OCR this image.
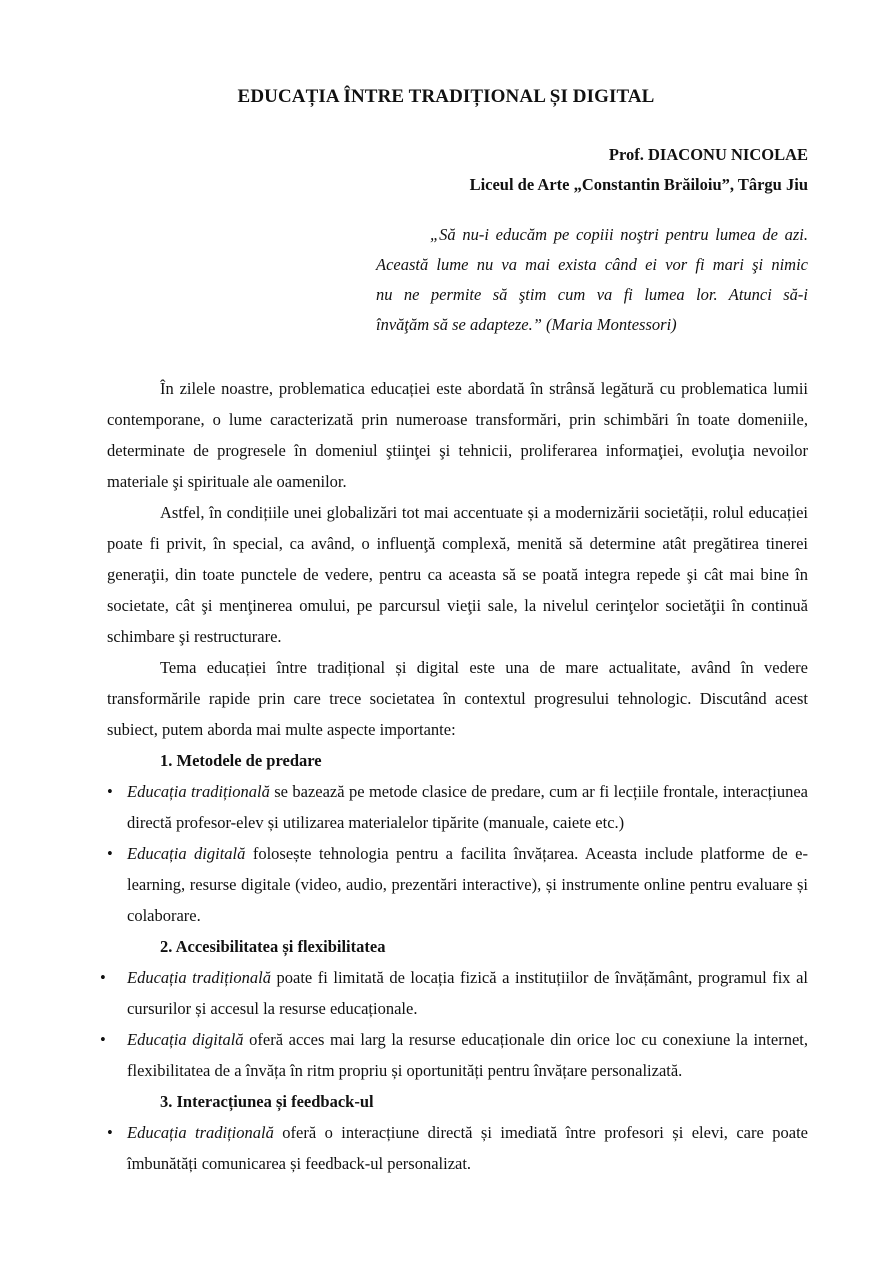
EDUCAȚIA ÎNTRE TRADIȚIONAL ȘI DIGITAL
Prof. DIACONU NICOLAE
Liceul de Arte „Constantin Brăiloiu”, Târgu Jiu
„Să nu-i educăm pe copiii noştri pentru lumea de azi.
Această lume nu va mai exista când ei vor fi mari şi nimic
nu ne permite să ştim cum va fi lumea lor. Atunci să-i
învăţăm să se adapteze.” (Maria Montessori)

În zilele noastre, problematica educației este abordată în strânsă legătură cu problematica lumii contemporane, o lume caracterizată prin numeroase transformări, prin schimbări în toate domeniile, determinate de progresele în domeniul ştiinţei şi tehnicii, proliferarea informaţiei, evoluţia nevoilor materiale şi spirituale ale oamenilor.

Astfel, în condițiile unei globalizări tot mai accentuate și a modernizării societății, rolul educației poate fi privit, în special, ca având, o influenţă complexă, menită să determine atât pregătirea tinerei generaţii, din toate punctele de vedere, pentru ca aceasta să se poată integra repede şi cât mai bine în societate, cât şi menţinerea omului, pe parcursul vieţii sale, la nivelul cerinţelor societăţii în continuă schimbare şi restructurare.

Tema educației între tradițional și digital este una de mare actualitate, având în vedere transformările rapide prin care trece societatea în contextul progresului tehnologic. Discutând acest subiect, putem aborda mai multe aspecte importante:

1. Metodele de predare

• Educația tradițională se bazează pe metode clasice de predare, cum ar fi lecțiile frontale, interacțiunea directă profesor-elev și utilizarea materialelor tipărite (manuale, caiete etc.)

• Educația digitală folosește tehnologia pentru a facilita învățarea. Aceasta include platforme de e-learning, resurse digitale (video, audio, prezentări interactive), și instrumente online pentru evaluare și colaborare.

2. Accesibilitatea și flexibilitatea

• Educația tradițională poate fi limitată de locația fizică a instituțiilor de învățământ, programul fix al cursurilor și accesul la resurse educaționale.

• Educația digitală oferă acces mai larg la resurse educaționale din orice loc cu conexiune la internet, flexibilitatea de a învăța în ritm propriu și oportunități pentru învățare personalizată.

3. Interacțiunea și feedback-ul

• Educația tradițională oferă o interacțiune directă și imediată între profesori și elevi, care poate îmbunătăți comunicarea și feedback-ul personalizat.
